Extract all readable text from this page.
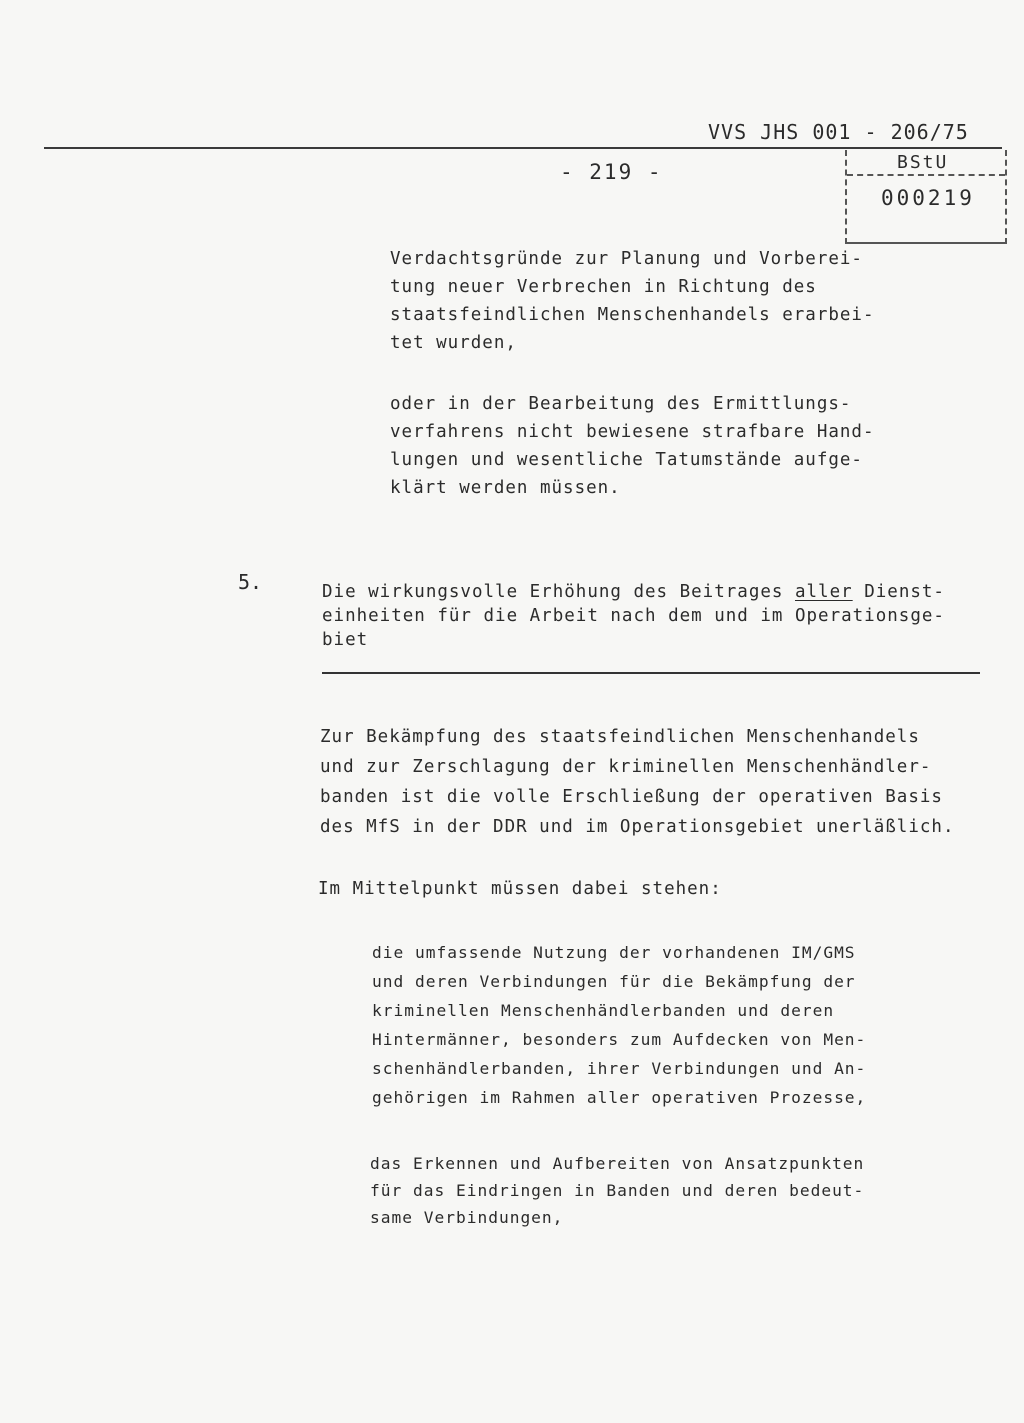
VVS JHS 001 - 206/75
- 219 -	BStU
000219
Verdachtsgründe zur Planung und Vorberei-
tung neuer Verbrechen in Richtung des
staatsfeindlichen Menschenhandels erarbei-
tet wurden,
oder in der Bearbeitung des Ermittlungs-
verfahrens nicht bewiesene strafbare Hand-
lungen und wesentliche Tatumstände aufge-
klärt werden müssen.
5.	Die wirkungsvolle Erhöhung des Beitrages aller Dienst-
einheiten für die Arbeit nach dem und im Operationsge-
biet
Zur Bekämpfung des staatsfeindlichen Menschenhandels
und zur Zerschlagung der kriminellen Menschenhändler-
banden ist die volle Erschließung der operativen Basis
des MfS in der DDR und im Operationsgebiet unerläßlich.
Im Mittelpunkt müssen dabei stehen:
die umfassende Nutzung der vorhandenen IM/GMS
und deren Verbindungen für die Bekämpfung der
kriminellen Menschenhändlerbanden und deren
Hintermänner, besonders zum Aufdecken von Men-
schenhändlerbanden, ihrer Verbindungen und An-
gehörigen im Rahmen aller operativen Prozesse,
das Erkennen und Aufbereiten von Ansatzpunkten
für das Eindringen in Banden und deren bedeut-
same Verbindungen,
